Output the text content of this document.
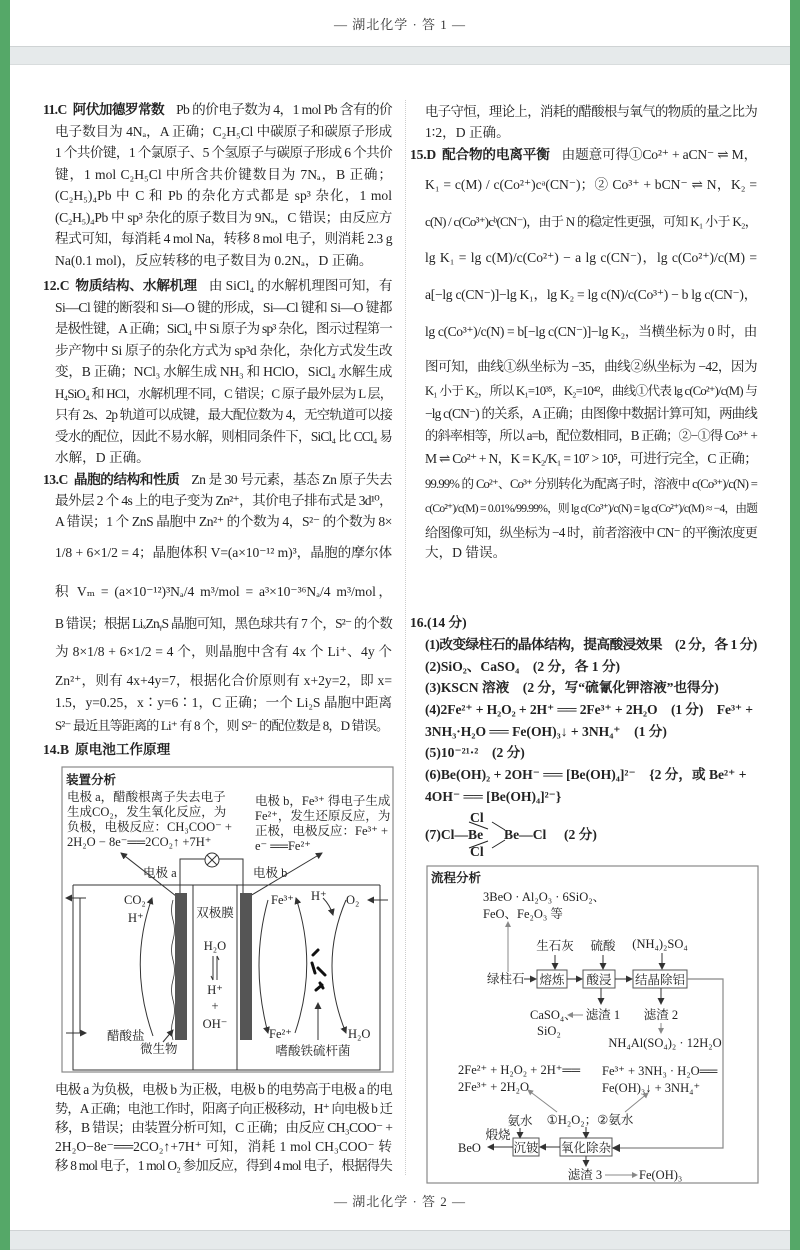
— 湖北化学 · 答 1 —
— 湖北化学 · 答 2 —
11.C 阿伏加德罗常数 Pb 的价电子数为 4，1 mol Pb 含有的价
电子数目为 4Nₐ，A 正确；C₂H₅Cl 中碳原子和碳原子形成
1 个共价键，1 个氯原子、5 个氢原子与碳原子形成 6 个共价
键，1 mol C₂H₅Cl 中所含共价键数目为 7Nₐ，B 正确；
(C₂H₅)₄Pb 中 C 和 Pb 的杂化方式都是 sp³ 杂化，1 mol
(C₂H₅)₄Pb 中 sp³ 杂化的原子数目为 9Nₐ，C 错误；由反应方
程式可知，每消耗 4 mol Na，转移 8 mol 电子，则消耗 2.3 g
Na(0.1 mol)，反应转移的电子数目为 0.2Nₐ，D 正确。
12.C 物质结构、水解机理 由 SiCl₄ 的水解机理图可知，有
Si—Cl 键的断裂和 Si—O 键的形成，Si—Cl 键和 Si—O 键都
是极性键，A 正确；SiCl₄ 中 Si 原子为 sp³ 杂化，图示过程第一
步产物中 Si 原子的杂化方式为 sp³d 杂化，杂化方式发生改
变，B 正确；NCl₃ 水解生成 NH₃ 和 HClO，SiCl₄ 水解生成
H₄SiO₄ 和 HCl，水解机理不同，C 错误；C 原子最外层为 L 层，
只有 2s、2p 轨道可以成键，最大配位数为 4，无空轨道可以接
受水的配位，因此不易水解，则相同条件下，SiCl₄ 比 CCl₄ 易
水解，D 正确。
13.C 晶胞的结构和性质 Zn 是 30 号元素，基态 Zn 原子失去
最外层 2 个 4s 上的电子变为 Zn²⁺，其价电子排布式是 3d¹⁰，
A 错误；1 个 ZnS 晶胞中 Zn²⁺ 的个数为 4，S²⁻ 的个数为 8×
1/8 + 6×1/2 = 4；晶胞体积 V=(a×10⁻¹² m)³，晶胞的摩尔体
积 Vₘ = (a×10⁻¹²)³Nₐ/4 m³/mol = a³×10⁻³⁶Nₐ/4 m³/mol，
B 错误；根据 LiₓZnᵧS 晶胞可知，黑色球共有 7 个，S²⁻ 的个数
为 8×1/8 + 6×1/2 = 4 个，则晶胞中含有 4x 个 Li⁺、4y 个
Zn²⁺，则有 4x+4y=7，根据化合价原则有 x+2y=2，即 x=
1.5，y=0.25，x∶y=6∶1，C 正确；一个 Li₂S 晶胞中距离
S²⁻ 最近且等距离的 Li⁺ 有 8 个，则 S²⁻ 的配位数是 8，D 错误。
14.B 原电池工作原理
电极 a 为负极，电极 b 为正极，电极 b 的电势高于电极 a 的电
势，A 正确；电池工作时，阳离子向正极移动，H⁺ 向电极 b 迁
移，B 错误；由装置分析可知，C 正确；由反应 CH₃COO⁻ +
2H₂O−8e⁻══2CO₂↑+7H⁺ 可知，消耗 1 mol CH₃COO⁻ 转
移 8 mol 电子，1 mol O₂ 参加反应，得到 4 mol 电子，根据得失
电子守恒，理论上，消耗的醋酸根与氧气的物质的量之比为
1∶2，D 正确。
15.D 配合物的电离平衡 由题意可得①Co²⁺ + aCN⁻ ⇌ M，
K₁ = c(M) / c(Co²⁺)cᵃ(CN⁻)；② Co³⁺ + bCN⁻ ⇌ N，K₂ =
c(N) / c(Co³⁺)cᵇ(CN⁻)，由于 N 的稳定性更强，可知 K₁ 小于 K₂，
lg K₁ = lg c(M)/c(Co²⁺) − a lg c(CN⁻)，lg c(Co²⁺)/c(M) =
a[−lg c(CN⁻)]−lg K₁，lg K₂ = lg c(N)/c(Co³⁺) − b lg c(CN⁻)，
lg c(Co³⁺)/c(N) = b[−lg c(CN⁻)]−lg K₂，当横坐标为 0 时，由
图可知，曲线①纵坐标为 −35，曲线②纵坐标为 −42，因为
K₁ 小于 K₂，所以 K₁=10³⁵，K₂=10⁴²，曲线①代表 lg c(Co²⁺)/c(M) 与
−lg c(CN⁻) 的关系，A 正确；由图像中数据计算可知，两曲线
的斜率相等，所以 a=b，配位数相同，B 正确；②−①得 Co³⁺ +
M ⇌ Co²⁺ + N，K = K₂/K₁ = 10⁷ > 10⁵，可进行完全，C 正确；
99.99% 的 Co²⁺、Co³⁺ 分别转化为配离子时，溶液中 c(Co³⁺)/c(N) =
c(Co²⁺)/c(M) = 0.01%/99.99%，则 lg c(Co³⁺)/c(N) = lg c(Co²⁺)/c(M) ≈ −4，由题
给图像可知，纵坐标为 −4 时，前者溶液中 CN⁻ 的平衡浓度更
大，D 错误。
16.(14 分)
(1)改变绿柱石的晶体结构，提高酸浸效果　(2 分，各 1 分)
(2)SiO₂、CaSO₄　(2 分，各 1 分)
(3)KSCN 溶液　(2 分，写“硫氰化钾溶液”也得分)
(4)2Fe²⁺ + H₂O₂ + 2H⁺ ══ 2Fe³⁺ + 2H₂O　(1 分)　Fe³⁺ +
3NH₃·H₂O ══ Fe(OH)₃↓ + 3NH₄⁺　(1 分)
(5)10⁻²¹·²　(2 分)
(6)Be(OH)₂ + 2OH⁻ ══ [Be(OH)₄]²⁻　{2 分，或 Be²⁺ +
4OH⁻ ══ [Be(OH)₄]²⁻}
Cl
(7)Cl—Be Be—Cl
Cl
(2 分)
装置分析
电极 a，醋酸根离子失去电子
生成CO₂，发生氧化反应，为
负极，电极反应：CH₃COO⁻ +
2H₂O − 8e⁻══2CO₂↑ +7H⁺
电极 b，Fe³⁺ 得电子生成
Fe²⁺，发生还原反应，为
正极，电极反应：Fe³⁺ +
e⁻ ══Fe²⁺
电极 a	电极 b
双极膜
H₂O
H⁺
+
OH⁻
CO₂
H⁺
醋酸盐
微生物
Fe³⁺ H⁺ O₂
Fe²⁺	H₂O
嗜酸铁硫杆菌
流程分析
3BeO · Al₂O₃ · 6SiO₂、
FeO、Fe₂O₃ 等
生石灰 硫酸 (NH₄)₂SO₄
绿柱石 熔炼 酸浸 结晶除铝
滤渣 1
CaSO₄、
SiO₂
滤渣 2
NH₄Al(SO₄)₂ · 12H₂O
2Fe²⁺ + H₂O₂ + 2H⁺══
2Fe³⁺ + 2H₂O
Fe³⁺ + 3NH₃ · H₂O══
Fe(OH)₃↓ + 3NH₄⁺
①H₂O₂；②氨水
氨水
沉铍 氧化除杂
煅烧
BeO
滤渣 3	Fe(OH)₃
